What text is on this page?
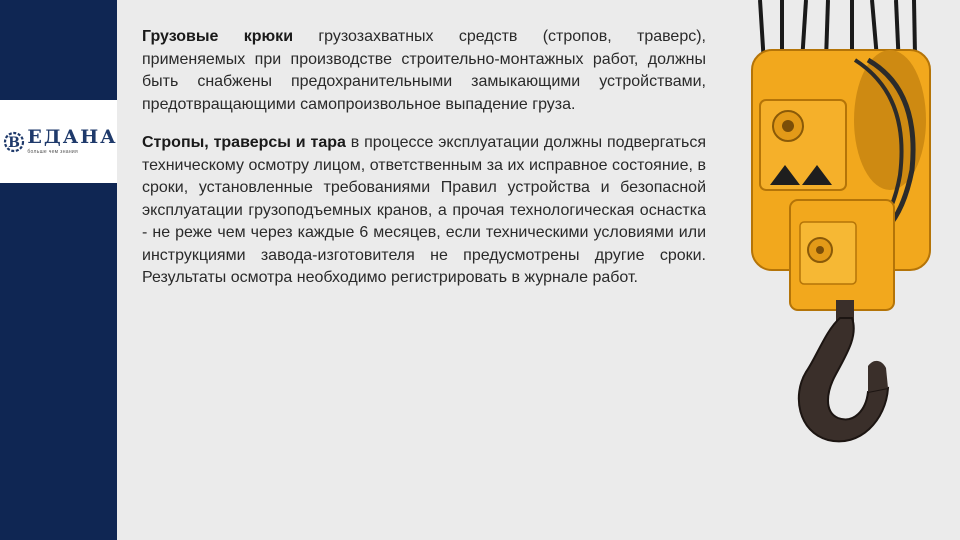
В ЕДАНА
больше чем знания

Грузовые крюки грузозахватных средств (стропов, траверс), применяемых при производстве строительно-монтажных работ, должны быть снабжены предохранительными замыкающими устройствами, предотвращающими самопроизвольное выпадение груза.

Стропы, траверсы и тара в процессе эксплуатации должны подвергаться техническому осмотру лицом, ответственным за их исправное состояние, в сроки, установленные требованиями Правил устройства и безопасной эксплуатации грузоподъемных кранов, а прочая технологическая оснастка - не реже чем через каждые 6 месяцев, если техническими условиями или инструкциями завода-изготовителя не предусмотрены другие сроки. Результаты осмотра необходимо регистрировать в журнале работ.
